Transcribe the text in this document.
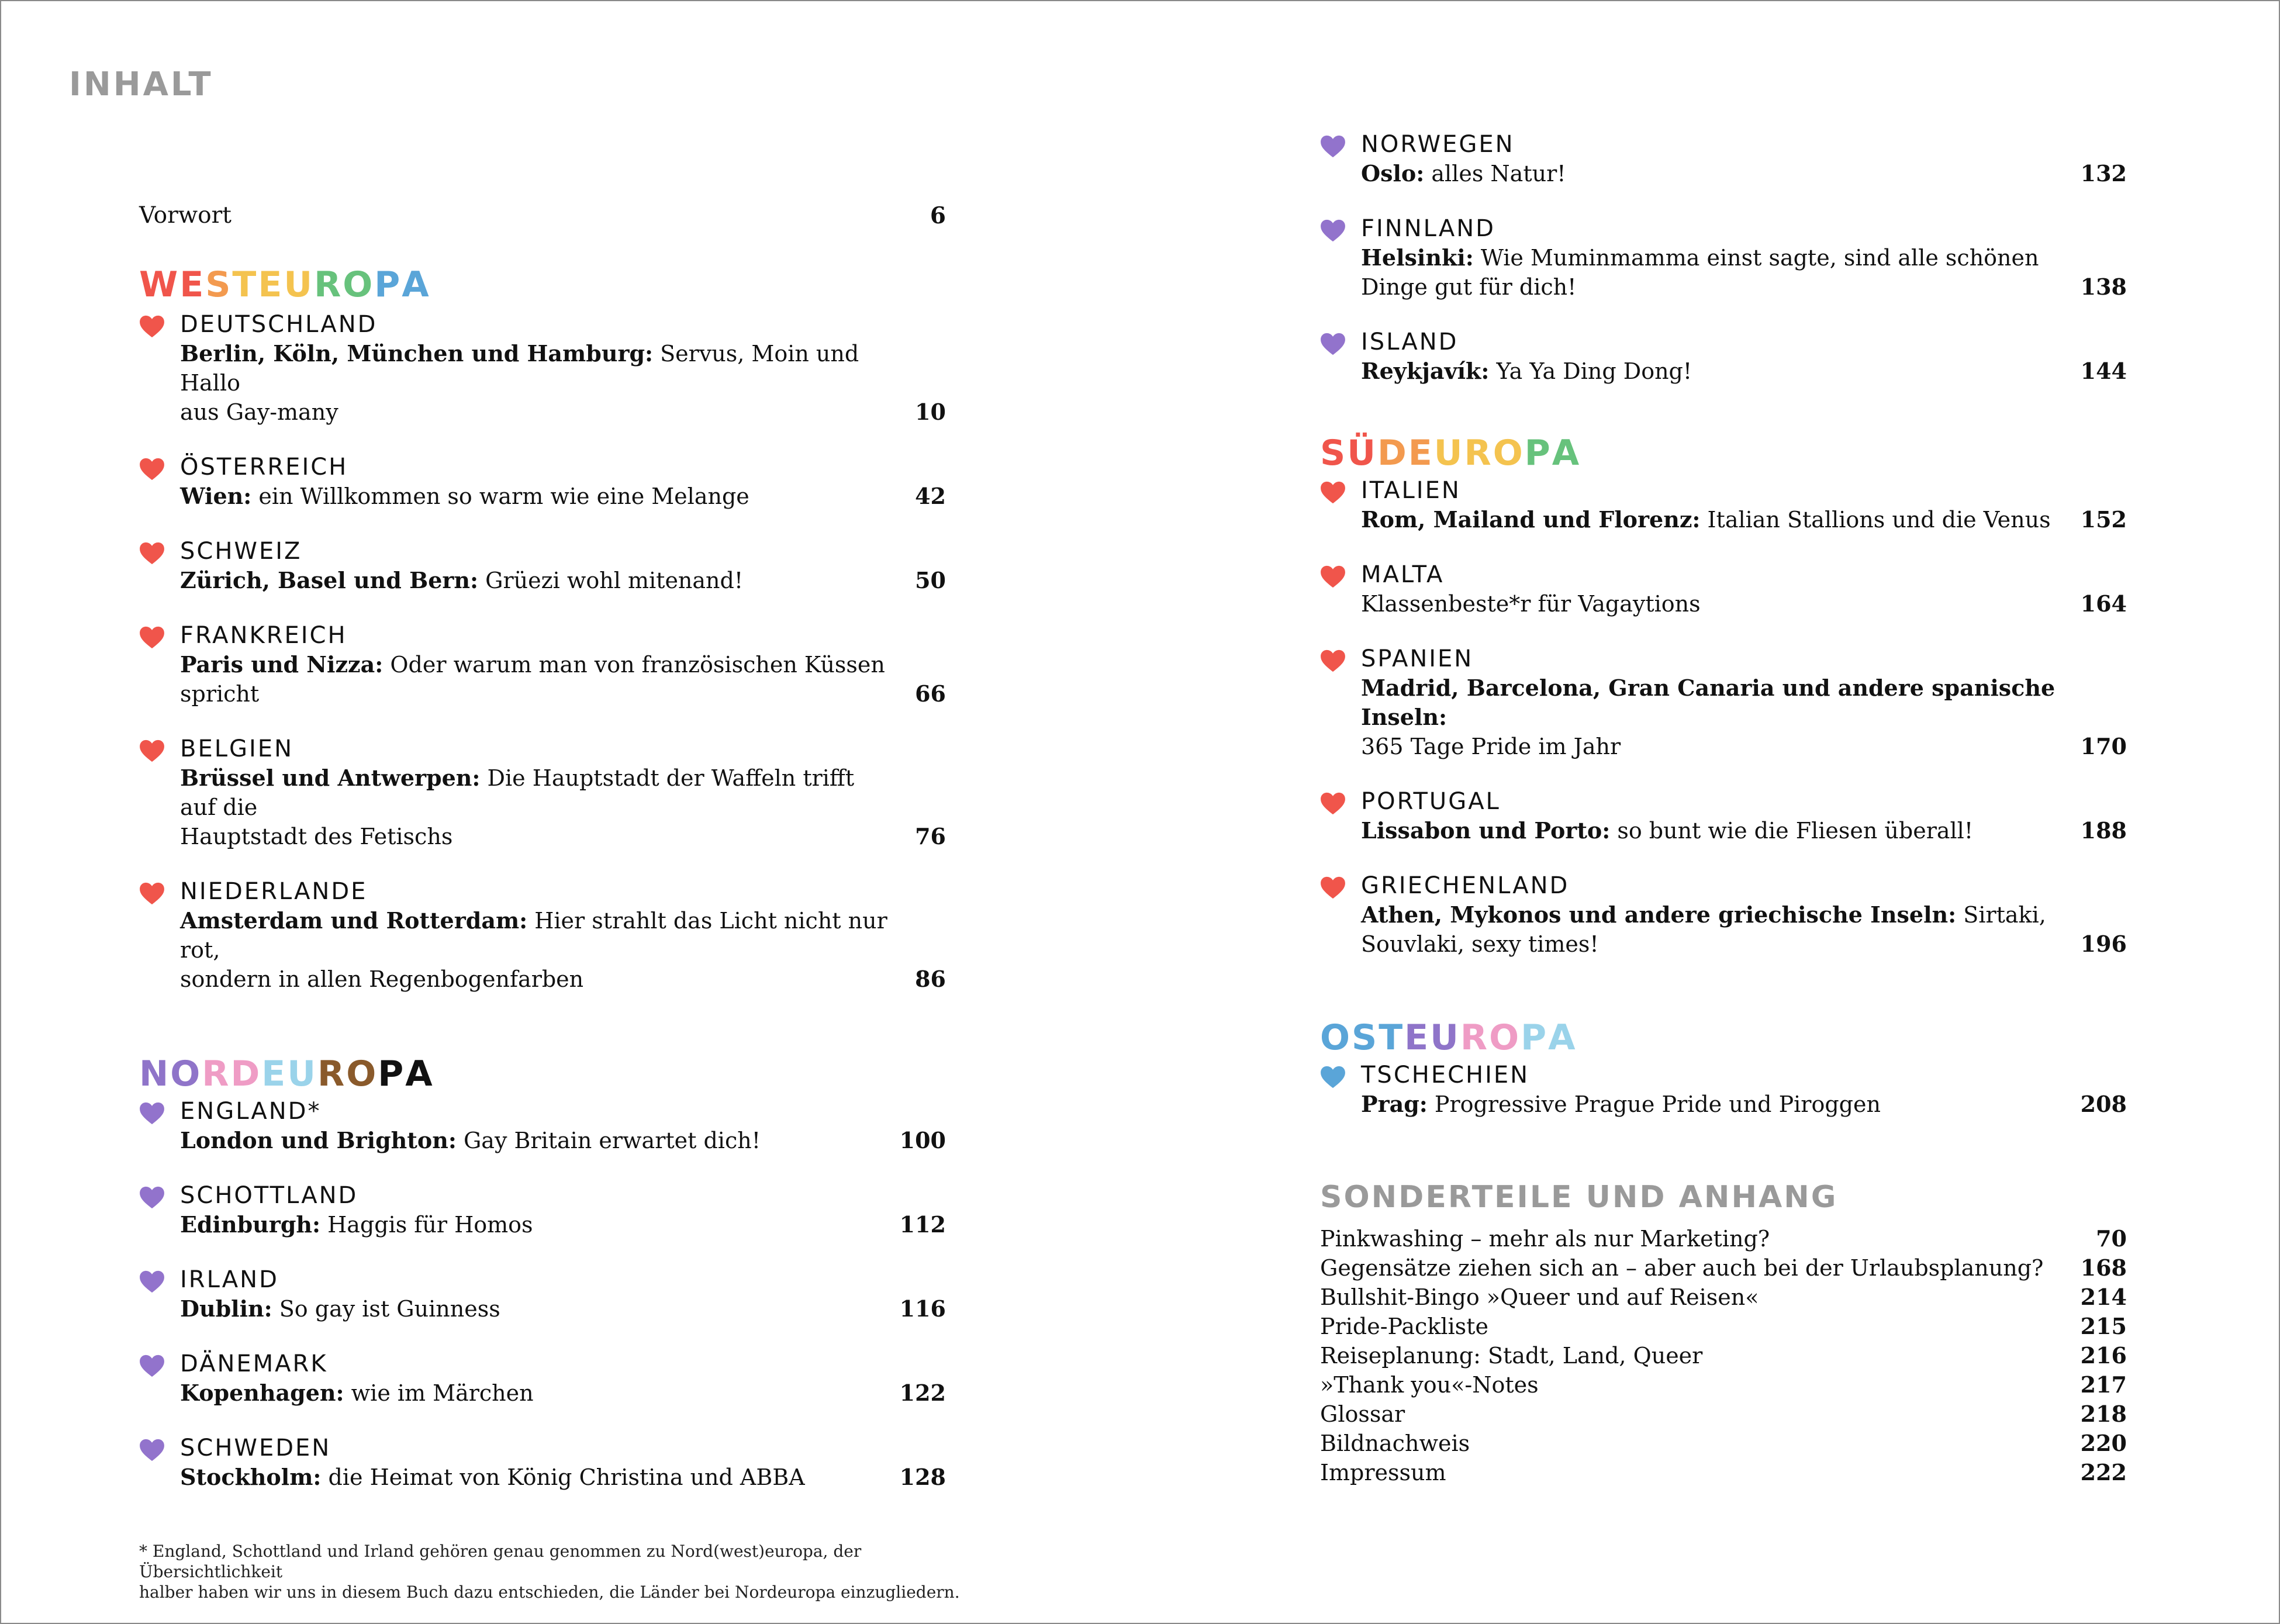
INHALT
Vorwort	6
WESTEUROPA
DEUTSCHLAND
Berlin, Köln, München und Hamburg: Servus, Moin und Hallo
aus Gay-many	10
ÖSTERREICH
Wien: ein Willkommen so warm wie eine Melange	42
SCHWEIZ
Zürich, Basel und Bern: Grüezi wohl mitenand!	50
FRANKREICH
Paris und Nizza: Oder warum man von französischen Küssen spricht	66
BELGIEN
Brüssel und Antwerpen: Die Hauptstadt der Waffeln trifft auf die
Hauptstadt des Fetischs	76
NIEDERLANDE
Amsterdam und Rotterdam: Hier strahlt das Licht nicht nur rot,
sondern in allen Regenbogenfarben	86
NORDEUROPA
ENGLAND*
London und Brighton: Gay Britain erwartet dich!	100
SCHOTTLAND
Edinburgh: Haggis für Homos	112
IRLAND
Dublin: So gay ist Guinness	116
DÄNEMARK
Kopenhagen: wie im Märchen	122
SCHWEDEN
Stockholm: die Heimat von König Christina und ABBA	128
NORWEGEN
Oslo: alles Natur!	132
FINNLAND
Helsinki: Wie Muminmamma einst sagte, sind alle schönen
Dinge gut für dich!	138
ISLAND
Reykjavík: Ya Ya Ding Dong!	144
SÜDEUROPA
ITALIEN
Rom, Mailand und Florenz: Italian Stallions und die Venus 152
MALTA
Klassenbeste*r für Vagaytions	164
SPANIEN
Madrid, Barcelona, Gran Canaria und andere spanische Inseln:
365 Tage Pride im Jahr	170
PORTUGAL
Lissabon und Porto: so bunt wie die Fliesen überall!	188
GRIECHENLAND
Athen, Mykonos und andere griechische Inseln: Sirtaki,
Souvlaki, sexy times!	196
OSTEUROPA
TSCHECHIEN
Prag: Progressive Prague Pride und Piroggen	208
SONDERTEILE UND ANHANG
Pinkwashing – mehr als nur Marketing?	70
Gegensätze ziehen sich an – aber auch bei der Urlaubsplanung? 168
Bullshit-Bingo »Queer und auf Reisen«	214
Pride-Packliste	215
Reiseplanung: Stadt, Land, Queer	216
»Thank you«-Notes	217
Glossar	218
Bildnachweis	220
Impressum	222
* England, Schottland und Irland gehören genau genommen zu Nord(west)europa, der Übersichtlichkeit
halber haben wir uns in diesem Buch dazu entschieden, die Länder bei Nordeuropa einzugliedern.
